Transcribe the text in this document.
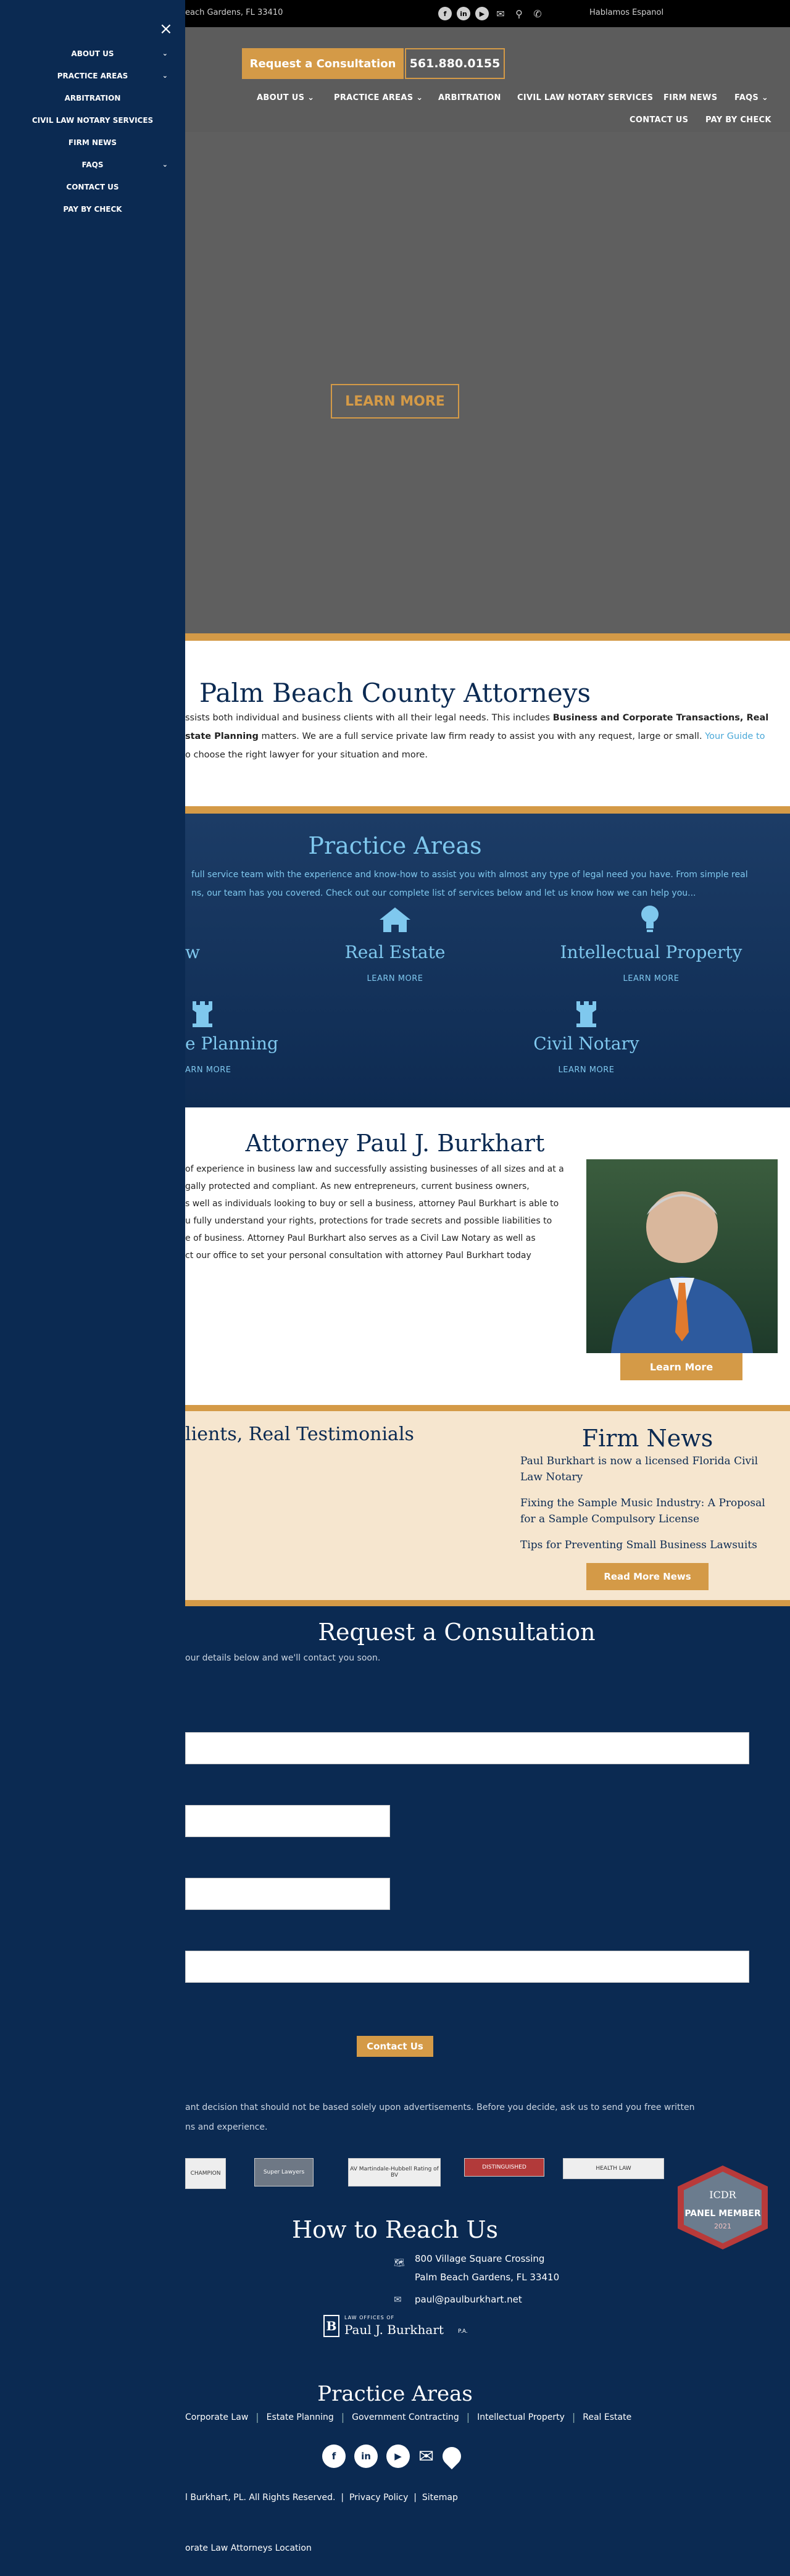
each Gardens, FL 33410	f	in	▶	✉	⚲	✆	Hablamos Espanol
Request a Consultation	561.880.0155
ABOUT US ⌄ PRACTICE AREAS ⌄ ARBITRATION CIVIL LAW NOTARY SERVICES FIRM NEWS FAQS ⌄
CONTACT US PAY BY CHECK
LEARN MORE
Palm Beach County Attorneys
ssists both individual and business clients with all their legal needs. This includes Business and Corporate Transactions, Real
state Planning matters. We are a full service private law firm ready to assist you with any request, large or small. Your Guide to
o choose the right lawyer for your situation and more.
Practice Areas
full service team with the experience and know-how to assist you with almost any type of legal need you have. From simple real
ns, our team has you covered. Check out our complete list of services below and let us know how we can help you...
w	Real Estate
LEARN MORE
Intellectual Property
LEARN MORE
e Planning
ARN MORE
Civil Notary
LEARN MORE
Attorney Paul J. Burkhart
of experience in business law and successfully assisting businesses of all sizes and at a
gally protected and compliant. As new entrepreneurs, current business owners,
s well as individuals looking to buy or sell a business, attorney Paul Burkhart is able to
u fully understand your rights, protections for trade secrets and possible liabilities to
e of business. Attorney Paul Burkhart also serves as a Civil Law Notary as well as
ct our office to set your personal consultation with attorney Paul Burkhart today
Learn More
lients, Real Testimonials	Firm News
Paul Burkhart is now a licensed Florida Civil Law Notary
Fixing the Sample Music Industry: A Proposal for a Sample Compulsory License
Tips for Preventing Small Business Lawsuits
Read More News
Request a Consultation
our details below and we'll contact you soon.
Contact Us
ant decision that should not be based solely upon advertisements. Before you decide, ask us to send you free written
ns and experience.
CHAMPION	Super Lawyers	AV Martindale-Hubbell Rating of BV
DISTINGUISHED	HEALTH LAW
ICDR
PANEL MEMBER
2021
How to Reach Us
🗺 800 Village Square Crossing
Palm Beach Gardens, FL 33410
✉ paul@paulburkhart.net
B
LAW OFFICES OF
Paul J. Burkhart	P.A.
Practice Areas
Corporate Law | Estate Planning | Government Contracting | Intellectual Property | Real Estate
f	in	▶ ✉
l Burkhart, PL. All Rights Reserved.  |  Privacy Policy  |  Sitemap
orate Law Attorneys Location
×
ABOUT US	⌄
PRACTICE AREAS	⌄
ARBITRATION
CIVIL LAW NOTARY SERVICES
FIRM NEWS
FAQS	⌄
CONTACT US
PAY BY CHECK
